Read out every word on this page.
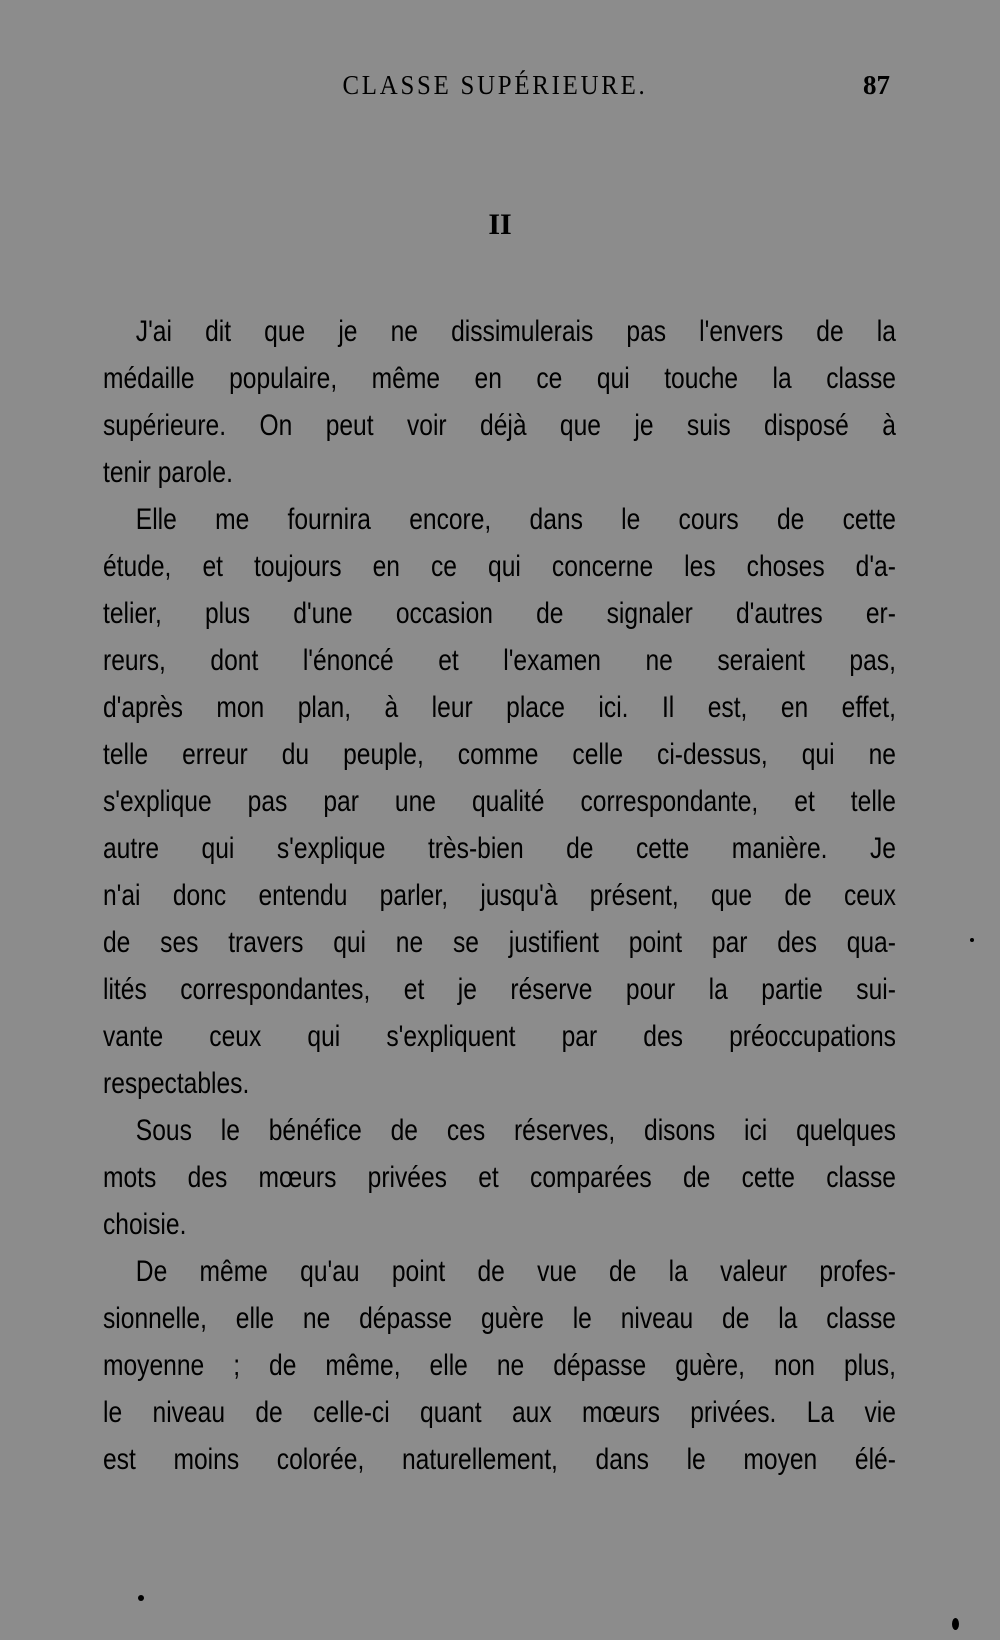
CLASSE SUPÉRIEURE.	87
II
J'ai dit que je ne dissimulerais pas l'envers de la
médaille populaire, même en ce qui touche la classe
supérieure. On peut voir déjà que je suis disposé à
tenir parole.
Elle me fournira encore, dans le cours de cette
étude, et toujours en ce qui concerne les choses d'a-
telier, plus d'une occasion de signaler d'autres er-
reurs, dont l'énoncé et l'examen ne seraient pas,
d'après mon plan, à leur place ici. Il est, en effet,
telle erreur du peuple, comme celle ci-dessus, qui ne
s'explique pas par une qualité correspondante, et telle
autre qui s'explique très-bien de cette manière. Je
n'ai donc entendu parler, jusqu'à présent, que de ceux
de ses travers qui ne se justifient point par des qua-
lités correspondantes, et je réserve pour la partie sui-
vante ceux qui s'expliquent par des préoccupations
respectables.
Sous le bénéfice de ces réserves, disons ici quelques
mots des mœurs privées et comparées de cette classe
choisie.
De même qu'au point de vue de la valeur profes-
sionnelle, elle ne dépasse guère le niveau de la classe
moyenne ; de même, elle ne dépasse guère, non plus,
le niveau de celle-ci quant aux mœurs privées. La vie
est moins colorée, naturellement, dans le moyen élé-
